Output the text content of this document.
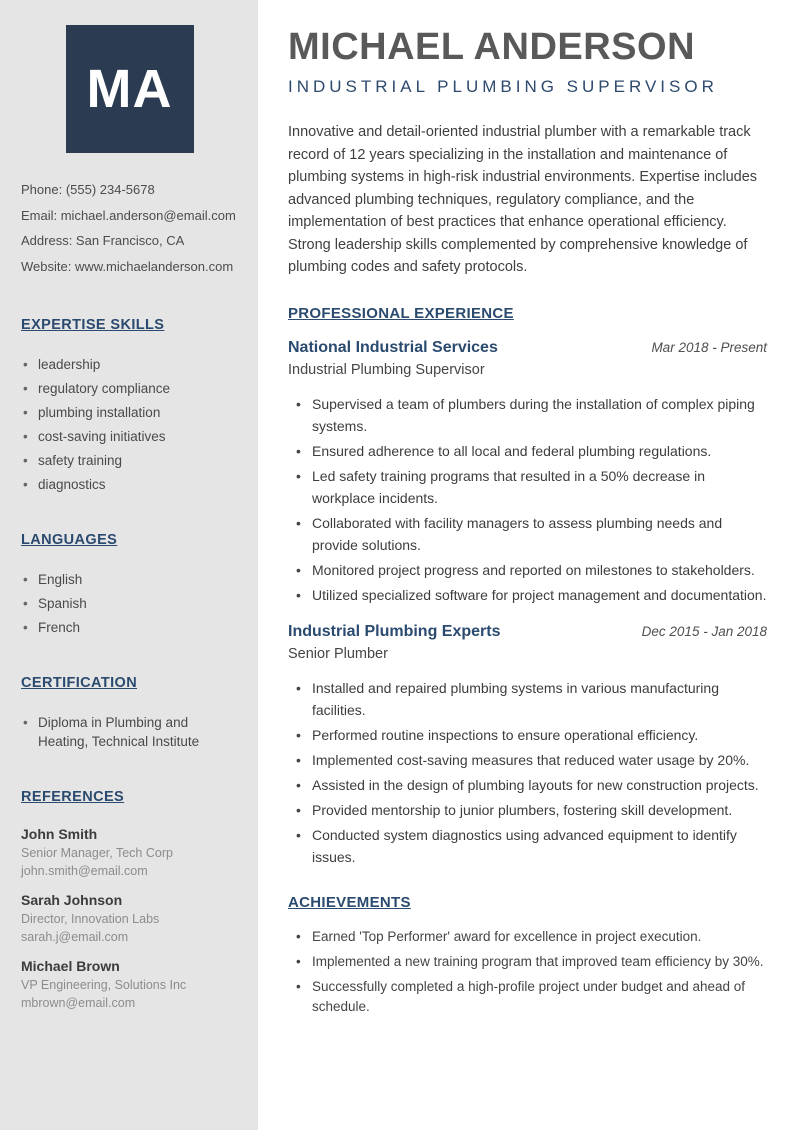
MA

Phone: (555) 234-5678

Email: michael.anderson@email.com

Address: San Francisco, CA

Website: www.michaelanderson.com

EXPERTISE SKILLS
• leadership
• regulatory compliance
• plumbing installation
• cost-saving initiatives
• safety training
• diagnostics
LANGUAGES
• English
• Spanish
• French
CERTIFICATION
• Diploma in Plumbing and Heating, Technical Institute
REFERENCES

John Smith

Senior Manager, Tech Corp

john.smith@email.com

Sarah Johnson

Director, Innovation Labs

sarah.j@email.com

Michael Brown

VP Engineering, Solutions Inc

mbrown@email.com

MICHAEL ANDERSON
INDUSTRIAL PLUMBING SUPERVISOR

Innovative and detail-oriented industrial plumber with a remarkable track record of 12 years specializing in the installation and maintenance of plumbing systems in high-risk industrial environments. Expertise includes advanced plumbing techniques, regulatory compliance, and the implementation of best practices that enhance operational efficiency. Strong leadership skills complemented by comprehensive knowledge of plumbing codes and safety protocols.

PROFESSIONAL EXPERIENCE
National Industrial Services	Mar 2018 - Present
Industrial Plumbing Supervisor
• Supervised a team of plumbers during the installation of complex piping systems.
• Ensured adherence to all local and federal plumbing regulations.
• Led safety training programs that resulted in a 50% decrease in workplace incidents.
• Collaborated with facility managers to assess plumbing needs and provide solutions.
• Monitored project progress and reported on milestones to stakeholders.
• Utilized specialized software for project management and documentation.
Industrial Plumbing Experts	Dec 2015 - Jan 2018
Senior Plumber
• Installed and repaired plumbing systems in various manufacturing facilities.
• Performed routine inspections to ensure operational efficiency.
• Implemented cost-saving measures that reduced water usage by 20%.
• Assisted in the design of plumbing layouts for new construction projects.
• Provided mentorship to junior plumbers, fostering skill development.
• Conducted system diagnostics using advanced equipment to identify issues.
ACHIEVEMENTS
• Earned 'Top Performer' award for excellence in project execution.
• Implemented a new training program that improved team efficiency by 30%.
• Successfully completed a high-profile project under budget and ahead of schedule.
